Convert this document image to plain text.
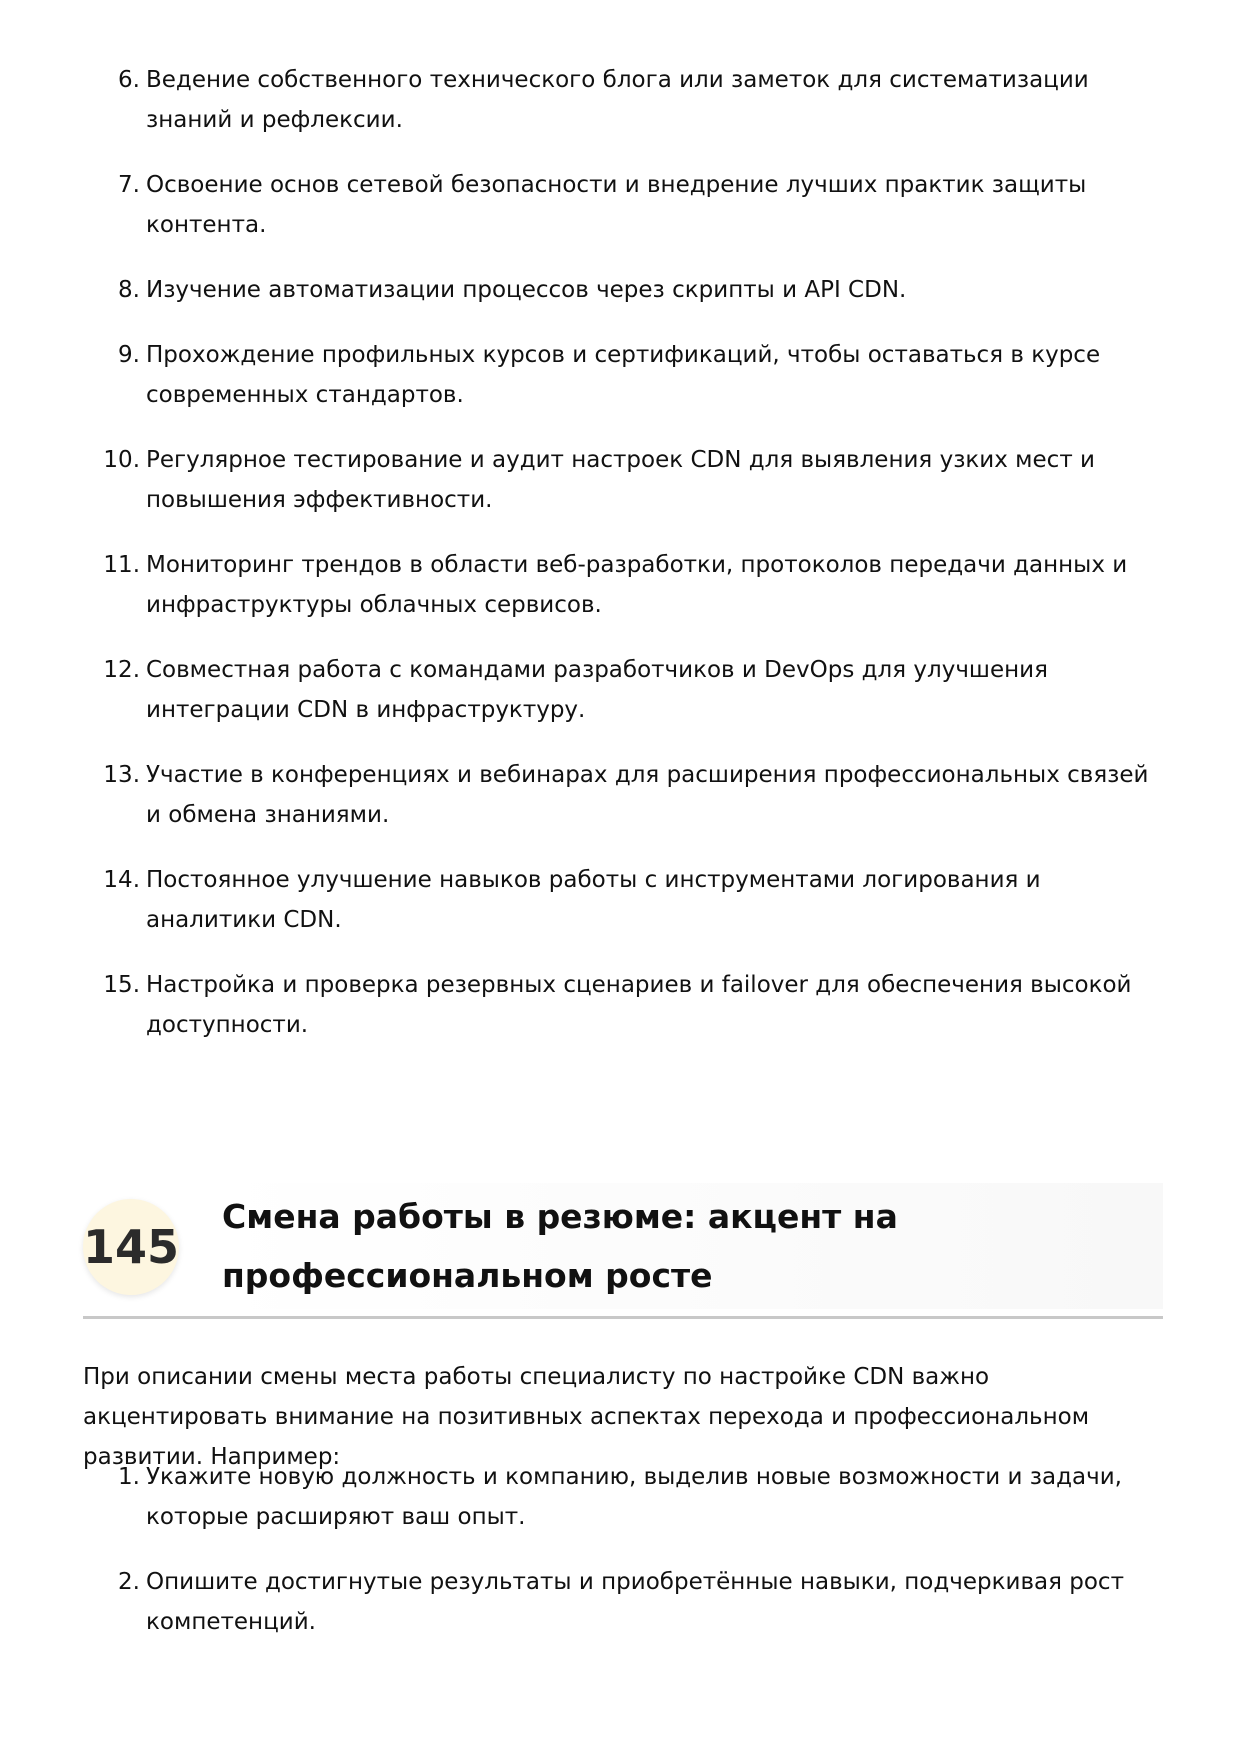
6. Ведение собственного технического блога или заметок для систематизации знаний и рефлексии.
7. Освоение основ сетевой безопасности и внедрение лучших практик защиты контента.
8. Изучение автоматизации процессов через скрипты и API CDN.
9. Прохождение профильных курсов и сертификаций, чтобы оставаться в курсе современных стандартов.
10. Регулярное тестирование и аудит настроек CDN для выявления узких мест и повышения эффективности.
11. Мониторинг трендов в области веб-разработки, протоколов передачи данных и инфраструктуры облачных сервисов.
12. Совместная работа с командами разработчиков и DevOps для улучшения интеграции CDN в инфраструктуру.
13. Участие в конференциях и вебинарах для расширения профессиональных связей и обмена знаниями.
14. Постоянное улучшение навыков работы с инструментами логирования и аналитики CDN.
15. Настройка и проверка резервных сценариев и failover для обеспечения высокой доступности.
145
Смена работы в резюме: акцент на профессиональном росте

При описании смены места работы специалисту по настройке CDN важно акцентировать внимание на позитивных аспектах перехода и профессиональном развитии. Например:

1. Укажите новую должность и компанию, выделив новые возможности и задачи, которые расширяют ваш опыт.
2. Опишите достигнутые результаты и приобретённые навыки, подчеркивая рост компетенций.
